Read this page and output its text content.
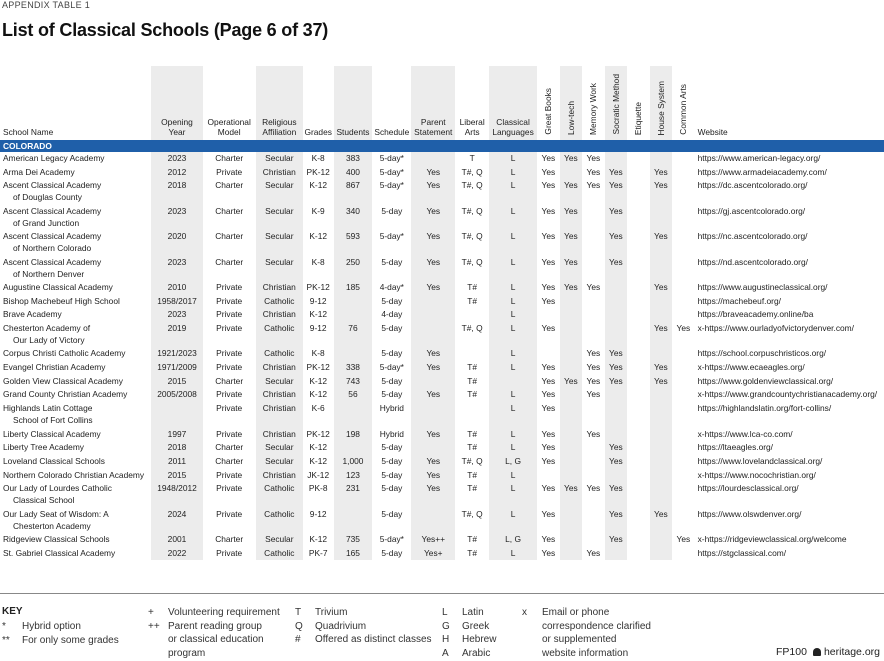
APPENDIX TABLE 1
List of Classical Schools (Page 6 of 37)
School Name	Opening Year	Operational Model	Religious Affiliation	Grades	Students	Schedule	Parent Statement	Liberal Arts	Classical Languages	Great Books	Low-tech	Memory Work	Socratic Method	Etiquette	House System	Common Arts	Website
COLORADO																	
American Legacy Academy	2023	Charter	Secular	K-8	383	5-day*		T	L	Yes	Yes	Yes					https://www.american-legacy.org/
Arma Dei Academy	2012	Private	Christian	PK-12	400	5-day*	Yes	T#, Q	L	Yes		Yes	Yes		Yes		https://www.armadeiacademy.com/
Ascent Classical Academy
of Douglas County	2018	Charter	Secular	K-12	867	5-day*	Yes	T#, Q	L	Yes	Yes	Yes	Yes		Yes		https://dc.ascentcolorado.org/
Ascent Classical Academy
of Grand Junction	2023	Charter	Secular	K-9	340	5-day	Yes	T#, Q	L	Yes	Yes		Yes				https://gj.ascentcolorado.org/
Ascent Classical Academy
of Northern Colorado	2020	Charter	Secular	K-12	593	5-day*	Yes	T#, Q	L	Yes	Yes		Yes		Yes		https://nc.ascentcolorado.org/
Ascent Classical Academy
of Northern Denver	2023	Charter	Secular	K-8	250	5-day	Yes	T#, Q	L	Yes	Yes		Yes				https://nd.ascentcolorado.org/
Augustine Classical Academy	2010	Private	Christian	PK-12	185	4-day*	Yes	T#	L	Yes	Yes	Yes			Yes		https://www.augustineclassical.org/
Bishop Machebeuf High School	1958/2017	Private	Catholic	9-12		5-day		T#	L	Yes							https://machebeuf.org/
Brave Academy	2023	Private	Christian	K-12		4-day			L								https://braveacademy.online/ba
Chesterton Academy of
Our Lady of Victory	2019	Private	Catholic	9-12	76	5-day		T#, Q	L	Yes					Yes	Yes	x-https://www.ourladyofvictorydenver.com/
Corpus Christi Catholic Academy	1921/2023	Private	Catholic	K-8		5-day	Yes		L			Yes	Yes				https://school.corpuschristicos.org/
Evangel Christian Academy	1971/2009	Private	Christian	PK-12	338	5-day*	Yes	T#	L	Yes		Yes	Yes		Yes		x-https://www.ecaeagles.org/
Golden View Classical Academy	2015	Charter	Secular	K-12	743	5-day		T#		Yes	Yes	Yes	Yes		Yes		https://www.goldenviewclassical.org/
Grand County Christian Academy	2005/2008	Private	Christian	K-12	56	5-day	Yes	T#	L	Yes		Yes					x-https://www.grandcountychristianacademy.org/
Highlands Latin Cottage
School of Fort Collins		Private	Christian	K-6		Hybrid			L	Yes							https://highlandslatin.org/fort-collins/
Liberty Classical Academy	1997	Private	Christian	PK-12	198	Hybrid	Yes	T#	L	Yes		Yes					x-https://www.lca-co.com/
Liberty Tree Academy	2018	Charter	Secular	K-12		5-day		T#	L	Yes			Yes				https://ltaeagles.org/
Loveland Classical Schools	2011	Charter	Secular	K-12	1,000	5-day	Yes	T#, Q	L, G	Yes			Yes				https://www.lovelandclassical.org/
Northern Colorado Christian Academy	2015	Private	Christian	JK-12	123	5-day	Yes	T#	L								x-https://www.nocochristian.org/
Our Lady of Lourdes Catholic
Classical School	1948/2012	Private	Catholic	PK-8	231	5-day	Yes	T#	L	Yes	Yes	Yes	Yes				https://lourdesclassical.org/
Our Lady Seat of Wisdom: A
Chesterton Academy	2024	Private	Catholic	9-12		5-day		T#, Q	L	Yes			Yes		Yes		https://www.olswdenver.org/
Ridgeview Classical Schools	2001	Charter	Secular	K-12	735	5-day*	Yes++	T#	L, G	Yes			Yes			Yes	x-https://ridgeviewclassical.org/welcome
St. Gabriel Classical Academy	2022	Private	Catholic	PK-7	165	5-day	Yes+	T#	L	Yes		Yes					https://stgclassical.com/
KEY
*	Hybrid option
**	For only some grades
+	Volunteering requirement
++ Parent reading group
or classical education
program
T	Trivium
Q	Quadrivium
#	Offered as distinct classes
L	Latin
G	Greek
H	Hebrew
A	Arabic
x	Email or phone
correspondence clarified
or supplemented
website information	FP100 heritage.org
